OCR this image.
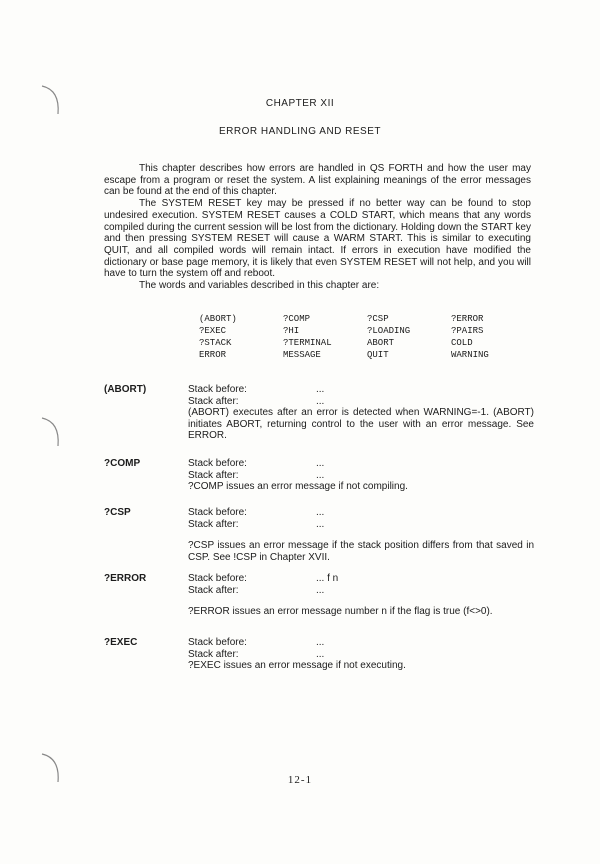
CHAPTER XII
ERROR HANDLING AND RESET

This chapter describes how errors are handled in QS FORTH and how the user may escape from a program or reset the system. A list explaining meanings of the error messages can be found at the end of this chapter.

The SYSTEM RESET key may be pressed if no better way can be found to stop undesired execution. SYSTEM RESET causes a COLD START, which means that any words compiled during the current session will be lost from the dictionary. Holding down the START key and then pressing SYSTEM RESET will cause a WARM START. This is similar to executing QUIT, and all compiled words will remain intact. If errors in execution have modified the dictionary or base page memory, it is likely that even SYSTEM RESET will not help, and you will have to turn the system off and reboot.

The words and variables described in this chapter are:

(ABORT)	?COMP	?CSP	?ERROR
?EXEC	?HI	?LOADING	?PAIRS
?STACK	?TERMINAL	ABORT	COLD
ERROR	MESSAGE	QUIT	WARNING
(ABORT)	Stack before:	...
Stack after:	...

(ABORT) executes after an error is detected when WARNING=-1. (ABORT) initiates ABORT, returning control to the user with an error message. See ERROR.

?COMP	Stack before:	...
Stack after:	...

?COMP issues an error message if not compiling.

?CSP	Stack before:	...
Stack after:	...

?CSP issues an error message if the stack position differs from that saved in CSP. See !CSP in Chapter XVII.

?ERROR	Stack before:	... f n
Stack after:	...

?ERROR issues an error message number n if the flag is true (f<>0).

?EXEC	Stack before:	...
Stack after:	...

?EXEC issues an error message if not executing.

12-1
